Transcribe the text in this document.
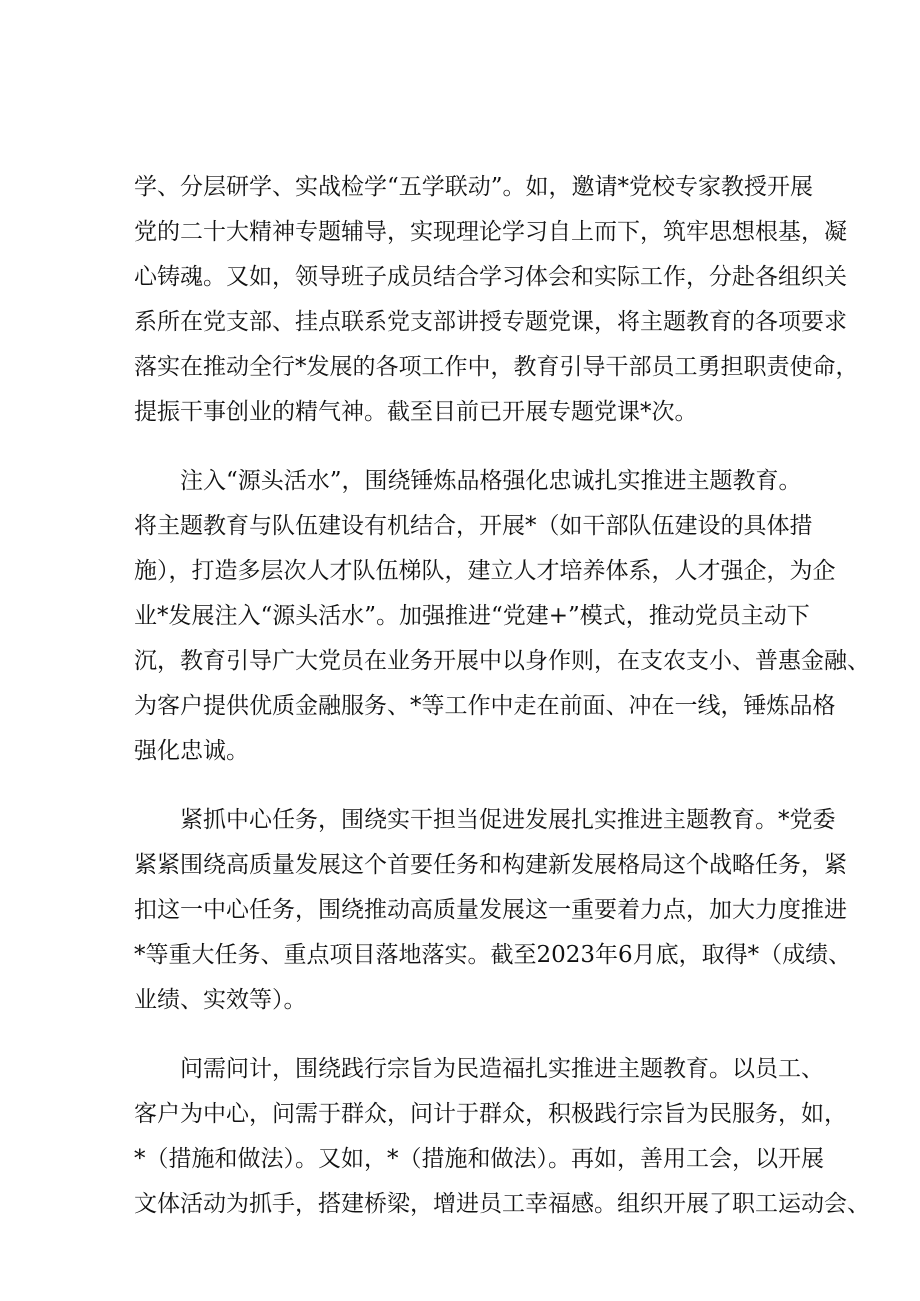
学、分层研学、实战检学“五学联动”。如，邀请*党校专家教授开展
党的二十大精神专题辅导，实现理论学习自上而下，筑牢思想根基，凝
心铸魂。又如，领导班子成员结合学习体会和实际工作，分赴各组织关
系所在党支部、挂点联系党支部讲授专题党课，将主题教育的各项要求
落实在推动全行*发展的各项工作中，教育引导干部员工勇担职责使命，
提振干事创业的精气神。截至目前已开展专题党课*次。
注入“源头活水”，围绕锤炼品格强化忠诚扎实推进主题教育。
将主题教育与队伍建设有机结合，开展*（如干部队伍建设的具体措
施），打造多层次人才队伍梯队，建立人才培养体系，人才强企，为企
业*发展注入“源头活水”。加强推进“党建+”模式，推动党员主动下
沉，教育引导广大党员在业务开展中以身作则，在支农支小、普惠金融、
为客户提供优质金融服务、*等工作中走在前面、冲在一线，锤炼品格
强化忠诚。
紧抓中心任务，围绕实干担当促进发展扎实推进主题教育。*党委
紧紧围绕高质量发展这个首要任务和构建新发展格局这个战略任务，紧
扣这一中心任务，围绕推动高质量发展这一重要着力点，加大力度推进
*等重大任务、重点项目落地落实。截至2023年6月底，取得*（成绩、
业绩、实效等）。
问需问计，围绕践行宗旨为民造福扎实推进主题教育。以员工、
客户为中心，问需于群众，问计于群众，积极践行宗旨为民服务，如，
*（措施和做法）。又如，*（措施和做法）。再如，善用工会，以开展
文体活动为抓手，搭建桥梁，增进员工幸福感。组织开展了职工运动会、
